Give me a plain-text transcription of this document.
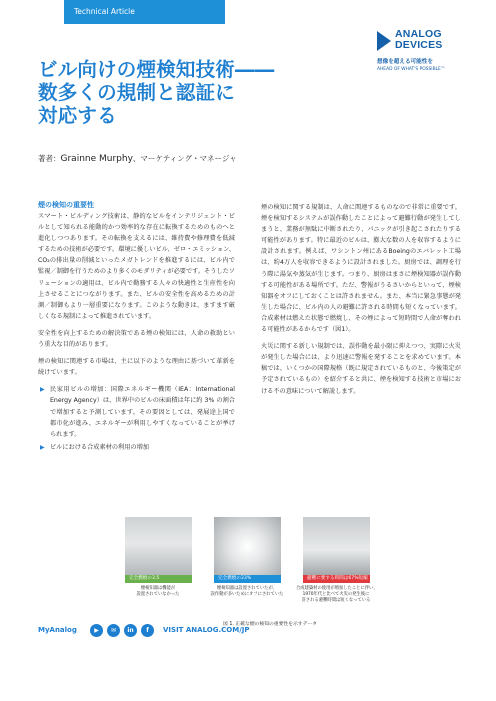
Technical Article
ANALOG
DEVICES
想像を超える可能性を
AHEAD OF WHAT'S POSSIBLE™
ビル向けの煙検知技術――
数多くの規制と認証に
対応する
著者：Grainne Murphy、マーケティング・マネージャ
煙の検知の重要性

スマート・ビルディング技術は、静的なビルをインテリジェント・ビルとして知られる能動的かつ効率的な存在に転換するためのものへと進化しつつあります。その転換を支えるには、維持費や修理費を低減するための技術が必要です。環境に優しいビル、ゼロ・エミッション、CO₂の排出量の削減といったメガトレンドを推進するには、ビル内で監視／制御を行うためのより多くのモダリティが必要です。そうしたソリューションの適用は、ビル内で勤務する人々の快適性と生産性を向上させることにつながります。また、ビルの安全性を高めるための計測／制御もより一層重要になります。このような動きは、ますます厳しくなる規制によって推進されています。

安全性を向上するための解決策である煙の検知には、人命の救助という重大な目的があります。

煙の検知に関連する市場は、主に以下のような理由に基づいて革新を続けています。

▶ 民家用ビルの増加：国際エネルギー機関（IEA：International Energy Agency）は、世界中のビルの床面積は年に約 3% の割合で増加すると予測しています。その要因としては、発展途上国で都市化が進み、エネルギーが利用しやすくなっていることが挙げられます。
▶ ビルにおける合成素材の利用の増加

煙の検知に関する規制は、人命に関連するものなので非常に重要です。煙を検知するシステムが誤作動したことによって避難行動が発生してしまうと、業務が無駄に中断されたり、パニックが引き起こされたりする可能性があります。特に最近のビルは、膨大な数の人を収容するように設計されます。例えば、ワシントン州にあるBoeingのエバレット工場は、約4万人を収容できるように設計されました。厨房では、調理を行う際に湯気や蒸気が生じます。つまり、厨房はまさに煙検知器が誤作動する可能性がある場所です。ただ、警報がうるさいからといって、煙検知器をオフにしておくことは許されません。また、本当に緊急事態が発生した場合に、ビル内の人の避難に許される時間も短くなっています。合成素材は燃えた状態で燃焼し、その煙によって短時間で人命が奪われる可能性があるからです（図1）。

火災に関する新しい規制では、誤作動を最小限に抑えつつ、実際に火災が発生した場合には、より迅速に警報を発することを求めています。本稿では、いくつかの国際規格（既に規定されているものと、今後策定が予定されているもの）を紹介すると共に、煙を検知する技術と市場における不の意味について解説します。

完全燃焼の3.5	完全燃焼の23%	避難に要する時間は67%短縮
煙検知器は機能が
設置されていなかった
煙検知器は設置されていたが、
誤作動が多いためにオフにされていた
合成建築材の使用が増加したことに伴い、
1970年代と比べて火災の発生後に
許される避難時間は短くなっている
図 1. 正確な煙の検知の重要性を示すデータ
MyAnalog	▶	✉	in	f	VISIT ANALOG.COM/JP
